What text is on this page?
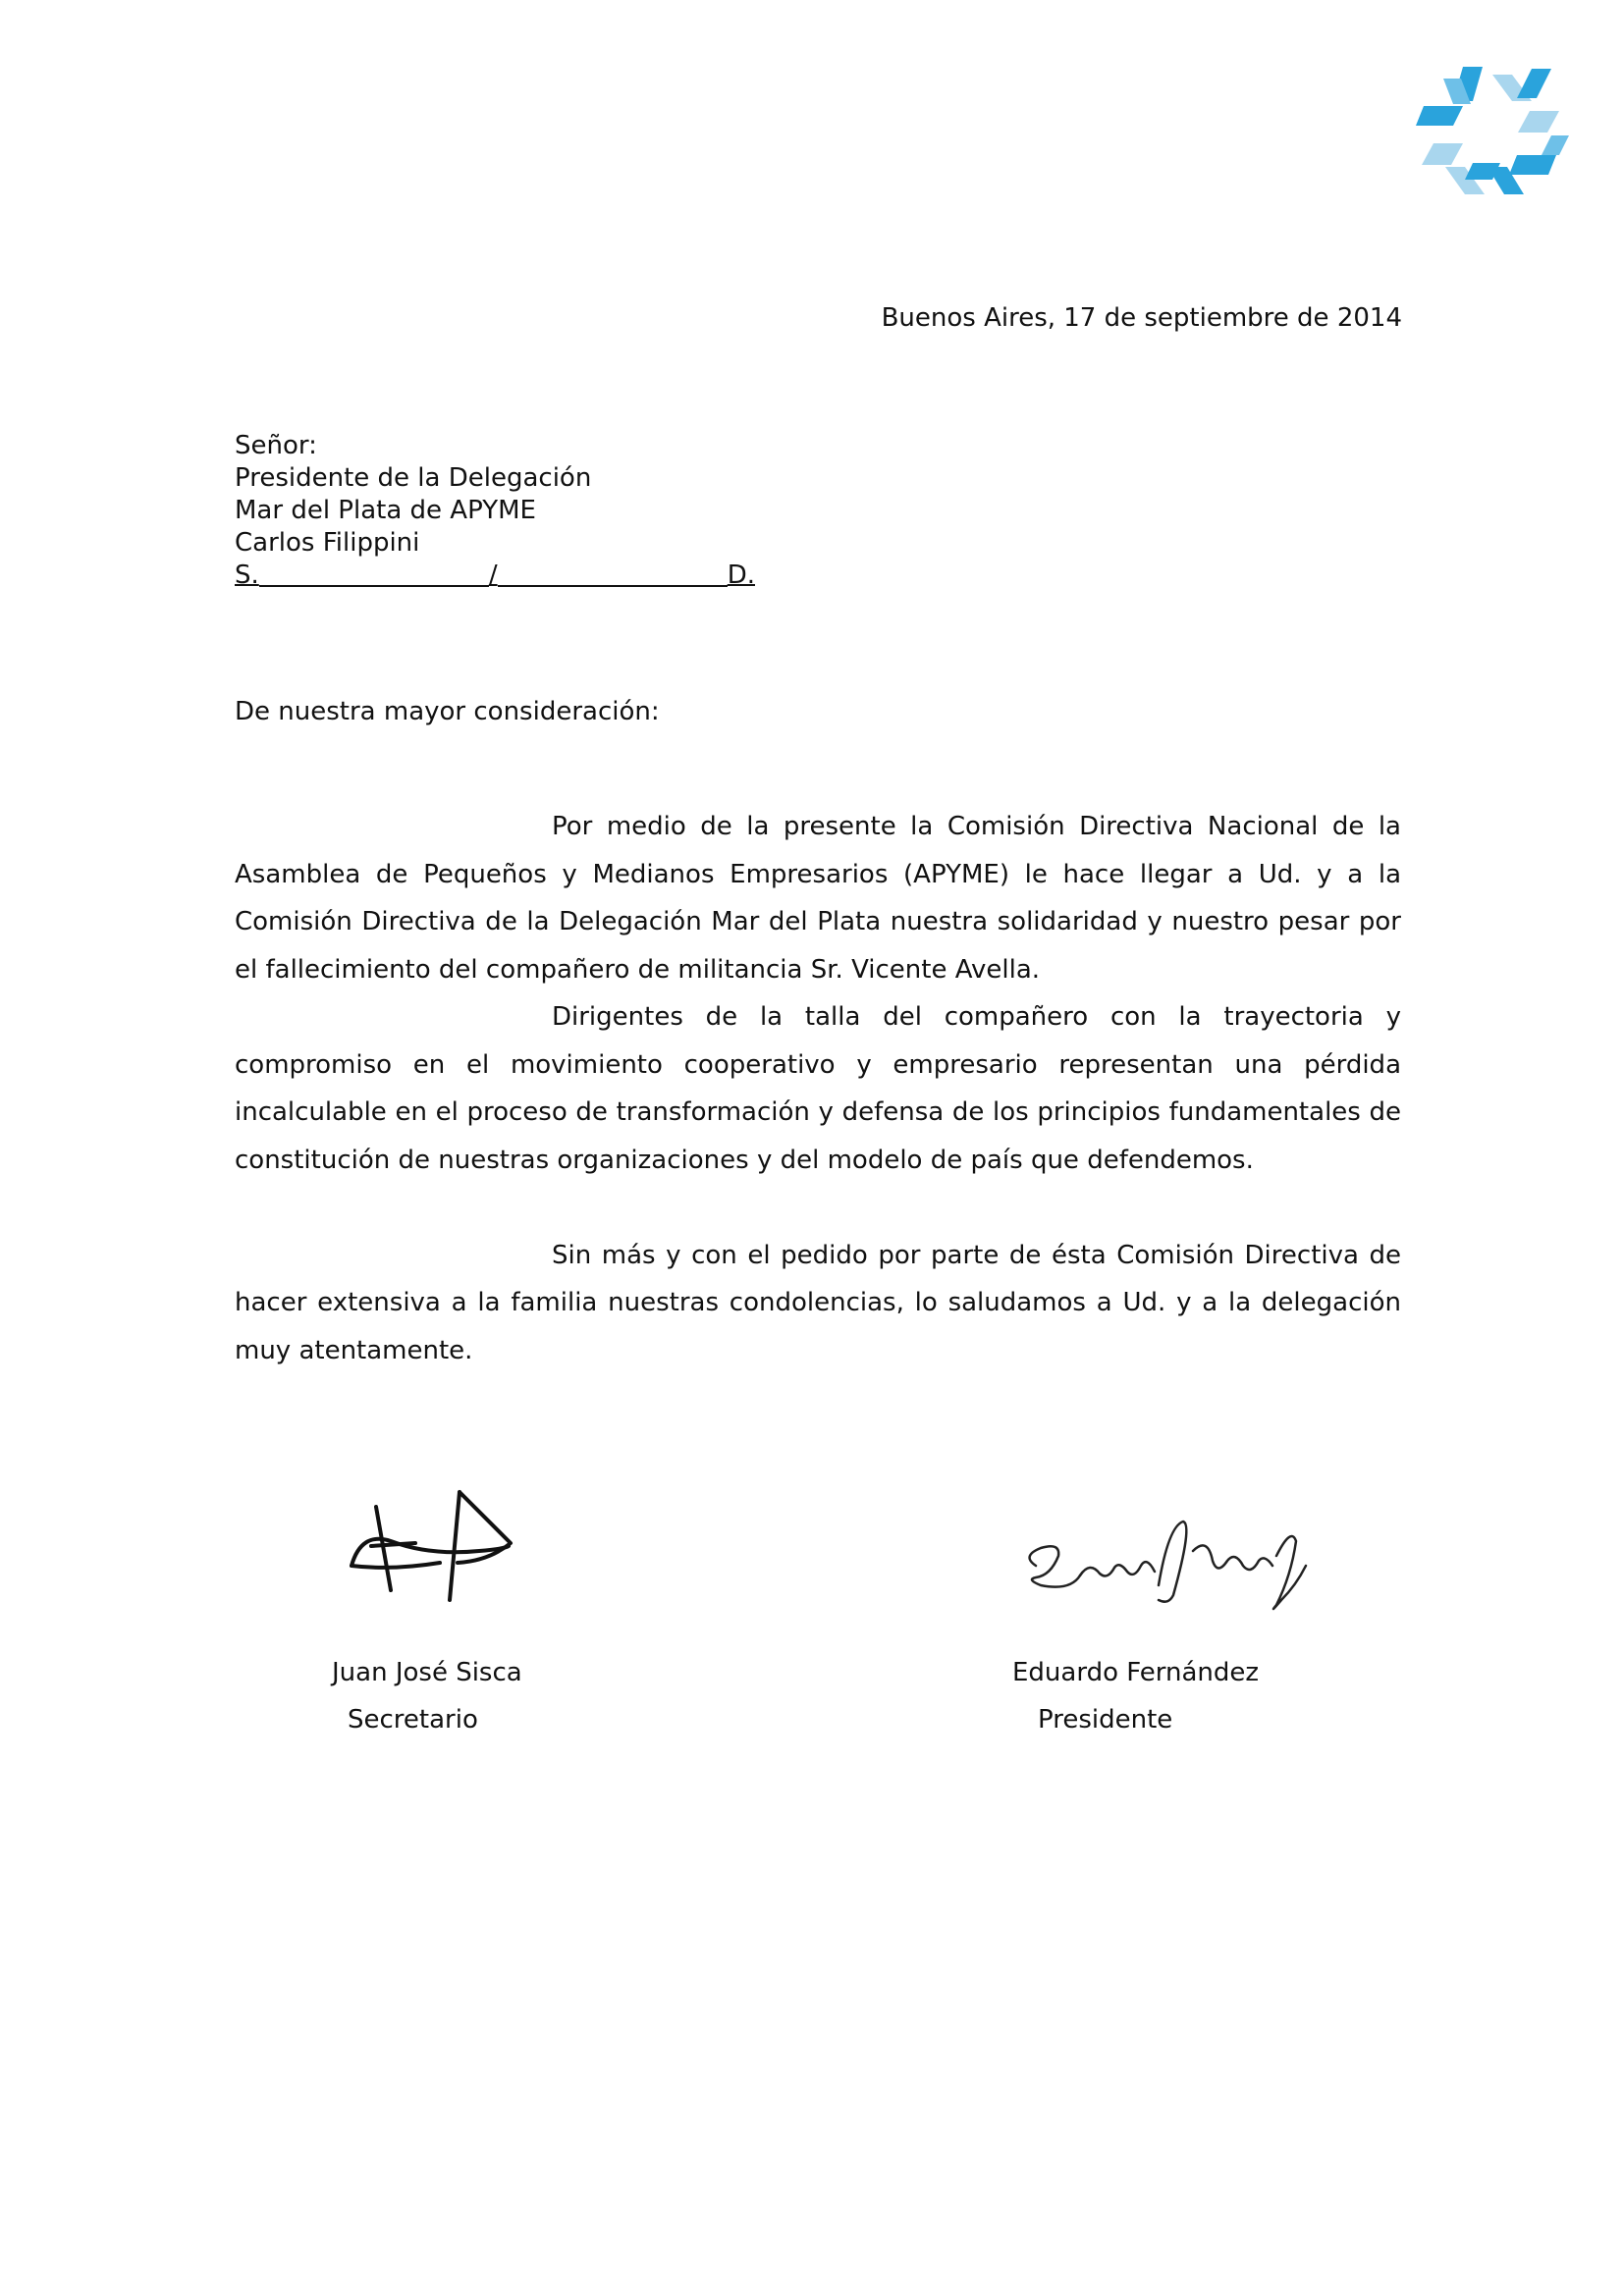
Buenos Aires, 17 de septiembre de 2014
Señor:
Presidente de la Delegación
Mar del Plata de APYME
Carlos Filippini
S.	/	D.
De nuestra mayor consideración:

Por medio de la presente la Comisión Directiva Nacional de la Asamblea de Pequeños y Medianos Empresarios (APYME) le hace llegar a Ud. y a la Comisión Directiva de la Delegación Mar del Plata nuestra solidaridad y nuestro pesar por el fallecimiento del compañero de militancia Sr. Vicente Avella.

Dirigentes de la talla del compañero con la trayectoria y compromiso en el movimiento cooperativo y empresario representan una pérdida incalculable en el proceso de transformación y defensa de los principios fundamentales de constitución de nuestras organizaciones y del modelo de país que defendemos.

Sin más y con el pedido por parte de ésta Comisión Directiva de hacer extensiva a la familia nuestras condolencias, lo saludamos a Ud. y a la delegación muy atentamente.

Juan José Sisca
Secretario
Eduardo Fernández
Presidente
